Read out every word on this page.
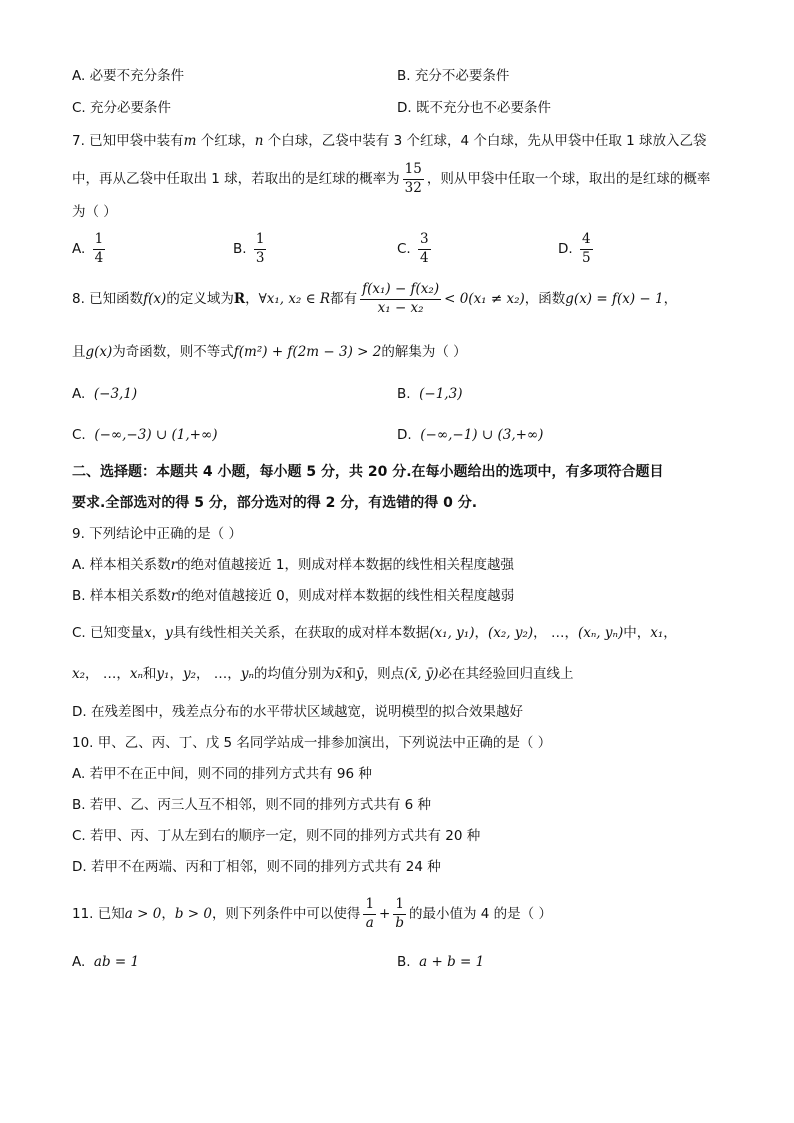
A. 必要不充分条件	B. 充分不必要条件
C. 充分必要条件	D. 既不充分也不必要条件
7. 已知甲袋中装有m 个红球，n 个白球，乙袋中装有 3 个红球，4 个白球，先从甲袋中任取 1 球放入乙袋
中，再从乙袋中任取出 1 球，若取出的是红球的概率为 $\frac{15}{32}$ ，则从甲袋中任取一个球，取出的是红球的概率
为（ ）
A. $\frac{1}{4}$	B. $\frac{1}{3}$	C. $\frac{3}{4}$	D. $\frac{4}{5}$
8. 已知函数f(x)的定义域为R，∀x₁, x₂ ∈ R都有 $\frac{\text{f(x₁) − f(x₂)}}{\text{x₁ − x₂}} < 0(x_1 \ne x_2)$，函数g(x) = f(x) − 1，
且g(x)为奇函数，则不等式f(m²) + f(2m − 3) > 2的解集为（ ）
A.  (−3,1)	B.  (−1,3)
C.  (−∞,−3) ∪ (1,+∞)	D.  (−∞,−1) ∪ (3,+∞)
二、选择题：本题共 4 小题，每小题 5 分，共 20 分.在每小题给出的选项中，有多项符合题目
要求.全部选对的得 5 分，部分选对的得 2 分，有选错的得 0 分.
9. 下列结论中正确的是（ ）
A. 样本相关系数r的绝对值越接近 1，则成对样本数据的线性相关程度越强
B. 样本相关系数r的绝对值越接近 0，则成对样本数据的线性相关程度越弱
C. 已知变量x，y具有线性相关关系，在获取的成对样本数据(x₁, y₁)，(x₂, y₂)， …，(xₙ, yₙ)中，x₁，
x₂， …，xₙ和y₁，y₂， …，yₙ的均值分别为x̄和ȳ，则点(x̄, ȳ)必在其经验回归直线上
D. 在残差图中，残差点分布的水平带状区域越宽，说明模型的拟合效果越好
10. 甲、乙、丙、丁、戊 5 名同学站成一排参加演出，下列说法中正确的是（ ）
A. 若甲不在正中间，则不同的排列方式共有 96 种
B. 若甲、乙、丙三人互不相邻，则不同的排列方式共有 6 种
C. 若甲、丙、丁从左到右的顺序一定，则不同的排列方式共有 20 种
D. 若甲不在两端、丙和丁相邻，则不同的排列方式共有 24 种
11. 已知a > 0，b > 0，则下列条件中可以使得 $\frac{1}{a} + \frac{1}{b}$ 的最小值为 4 的是（ ）
A. ab = 1	B. a + b = 1
